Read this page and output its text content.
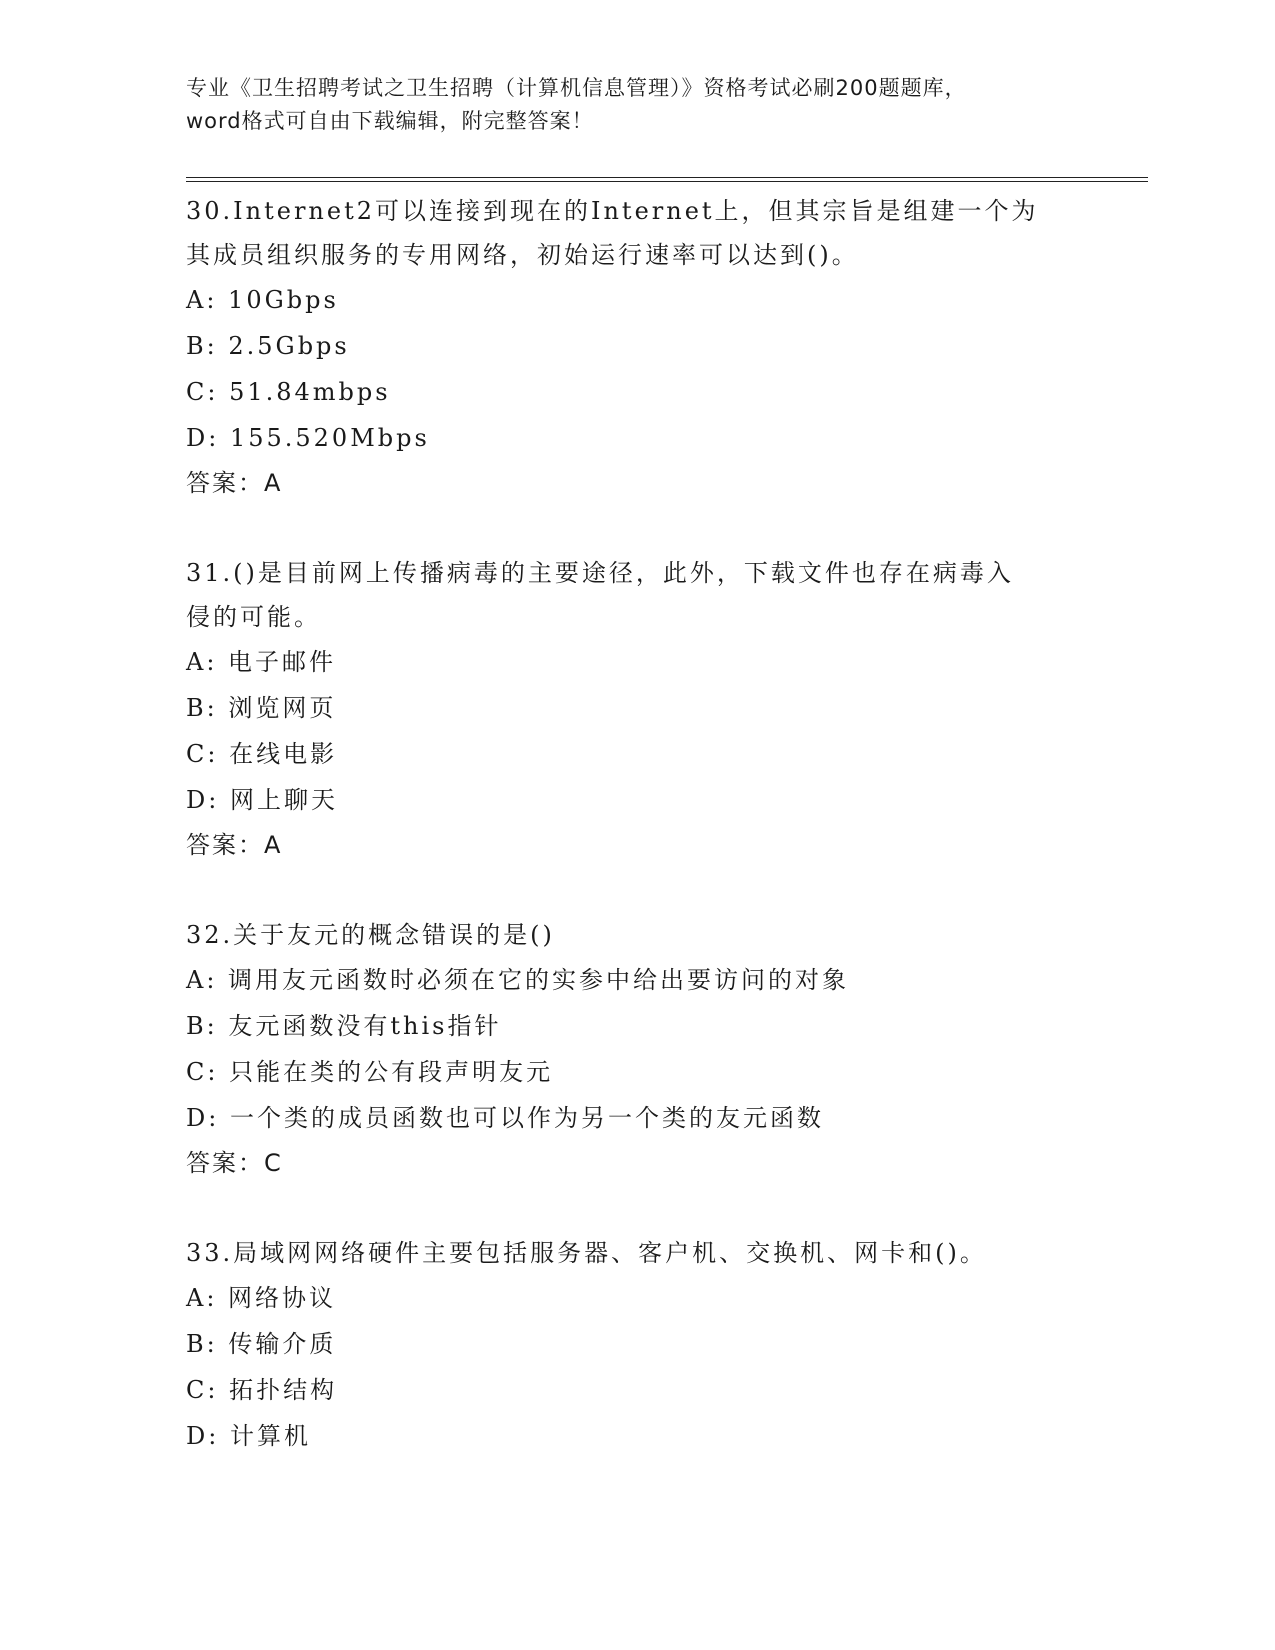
专业《卫生招聘考试之卫生招聘（计算机信息管理）》资格考试必刷200题题库，
word格式可自由下载编辑，附完整答案！

30.Internet2可以连接到现在的Internet上，但其宗旨是组建一个为

其成员组织服务的专用网络，初始运行速率可以达到()。

A: 10Gbps

B: 2.5Gbps

C: 51.84mbps

D: 155.520Mbps

答案：A

31.()是目前网上传播病毒的主要途径，此外，下载文件也存在病毒入

侵的可能。

A: 电子邮件

B: 浏览网页

C: 在线电影

D: 网上聊天

答案：A

32.关于友元的概念错误的是()

A: 调用友元函数时必须在它的实参中给出要访问的对象

B: 友元函数没有this指针

C: 只能在类的公有段声明友元

D: 一个类的成员函数也可以作为另一个类的友元函数

答案：C

33.局域网网络硬件主要包括服务器、客户机、交换机、网卡和()。

A: 网络协议

B: 传输介质

C: 拓扑结构

D: 计算机
